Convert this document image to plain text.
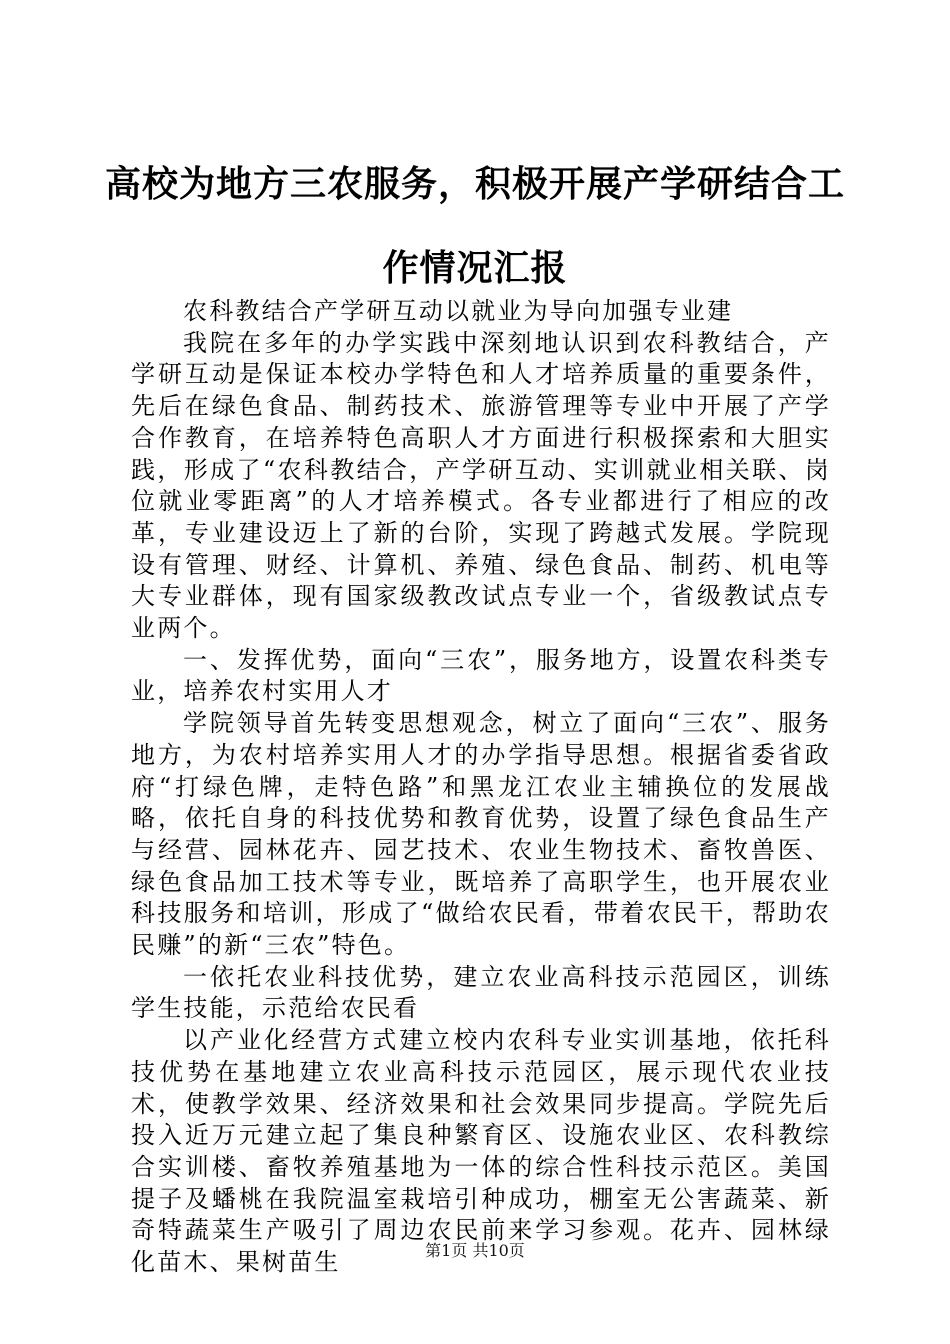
高校为地方三农服务，积极开展产学研结合工
作情况汇报

农科教结合产学研互动以就业为导向加强专业建

我院在多年的办学实践中深刻地认识到农科教结合，产学研互动是保证本校办学特色和人才培养质量的重要条件，先后在绿色食品、制药技术、旅游管理等专业中开展了产学合作教育，在培养特色高职人才方面进行积极探索和大胆实践，形成了“农科教结合，产学研互动、实训就业相关联、岗位就业零距离”的人才培养模式。各专业都进行了相应的改革，专业建设迈上了新的台阶，实现了跨越式发展。学院现设有管理、财经、计算机、养殖、绿色食品、制药、机电等大专业群体，现有国家级教改试点专业一个，省级教试点专业两个。

一、发挥优势，面向“三农”，服务地方，设置农科类专业，培养农村实用人才

学院领导首先转变思想观念，树立了面向“三农”、服务地方，为农村培养实用人才的办学指导思想。根据省委省政府“打绿色牌，走特色路”和黑龙江农业主辅换位的发展战略，依托自身的科技优势和教育优势，设置了绿色食品生产与经营、园林花卉、园艺技术、农业生物技术、畜牧兽医、绿色食品加工技术等专业，既培养了高职学生，也开展农业科技服务和培训，形成了“做给农民看，带着农民干，帮助农民赚”的新“三农”特色。

一依托农业科技优势，建立农业高科技示范园区，训练学生技能，示范给农民看

以产业化经营方式建立校内农科专业实训基地，依托科技优势在基地建立农业高科技示范园区，展示现代农业技术，使教学效果、经济效果和社会效果同步提高。学院先后投入近万元建立起了集良种繁育区、设施农业区、农科教综合实训楼、畜牧养殖基地为一体的综合性科技示范区。美国提子及蟠桃在我院温室栽培引种成功，棚室无公害蔬菜、新奇特蔬菜生产吸引了周边农民前来学习参观。花卉、园林绿化苗木、果树苗生	第1页 共10页
